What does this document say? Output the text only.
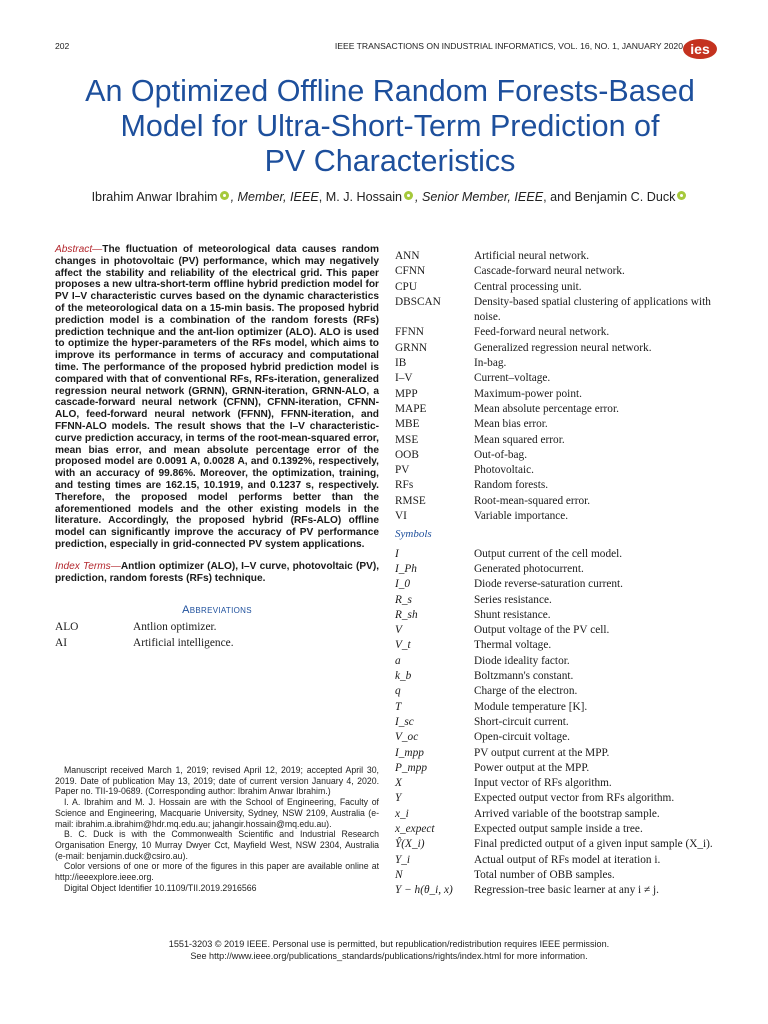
202	IEEE TRANSACTIONS ON INDUSTRIAL INFORMATICS, VOL. 16, NO. 1, JANUARY 2020 ies
An Optimized Offline Random Forests-Based
Model for Ultra-Short-Term Prediction of
PV Characteristics
Ibrahim Anwar Ibrahim , Member, IEEE, M. J. Hossain , Senior Member, IEEE, and Benjamin C. Duck

Abstract—The fluctuation of meteorological data causes random changes in photovoltaic (PV) performance, which may negatively affect the stability and reliability of the electrical grid. This paper proposes a new ultra-short-term offline hybrid prediction model for PV I–V characteristic curves based on the dynamic characteristics of the meteorological data on a 15-min basis. The proposed hybrid prediction model is a combination of the random forests (RFs) prediction technique and the ant-lion optimizer (ALO). ALO is used to optimize the hyper-parameters of the RFs model, which aims to improve its performance in terms of accuracy and computational time. The performance of the proposed hybrid prediction model is compared with that of conventional RFs, RFs-iteration, generalized regression neural network (GRNN), GRNN-iteration, GRNN-ALO, a cascade-forward neural network (CFNN), CFNN-iteration, CFNN-ALO, feed-forward neural network (FFNN), FFNN-iteration, and FFNN-ALO models. The result shows that the I–V characteristic-curve prediction accuracy, in terms of the root-mean-squared error, mean bias error, and mean absolute percentage error of the proposed model are 0.0091 A, 0.0028 A, and 0.1392%, respectively, with an accuracy of 99.86%. Moreover, the optimization, training, and testing times are 162.15, 10.1919, and 0.1237 s, respectively. Therefore, the proposed model performs better than the aforementioned models and the other existing models in the literature. Accordingly, the proposed hybrid (RFs-ALO) offline model can significantly improve the accuracy of PV performance prediction, especially in grid-connected PV system applications.

Index Terms—Antlion optimizer (ALO), I–V curve, photovoltaic (PV), prediction, random forests (RFs) technique.

Abbreviations
ALO	Antlion optimizer.
AI	Artificial intelligence.

Manuscript received March 1, 2019; revised April 12, 2019; accepted April 30, 2019. Date of publication May 13, 2019; date of current version January 4, 2020. Paper no. TII-19-0689. (Corresponding author: Ibrahim Anwar Ibrahim.)

I. A. Ibrahim and M. J. Hossain are with the School of Engineering, Faculty of Science and Engineering, Macquarie University, Sydney, NSW 2109, Australia (e-mail: ibrahim.a.ibrahim@hdr.mq.edu.au; jahangir.hossain@mq.edu.au).

B. C. Duck is with the Commonwealth Scientific and Industrial Research Organisation Energy, 10 Murray Dwyer Cct, Mayfield West, NSW 2304, Australia (e-mail: benjamin.duck@csiro.au).

Color versions of one or more of the figures in this paper are available online at http://ieeexplore.ieee.org.

Digital Object Identifier 10.1109/TII.2019.2916566

ANN	Artificial neural network.
CFNN	Cascade-forward neural network.
CPU	Central processing unit.
DBSCAN	Density-based spatial clustering of applications with noise.
FFNN	Feed-forward neural network.
GRNN	Generalized regression neural network.
IB	In-bag.
I–V	Current–voltage.
MPP	Maximum-power point.
MAPE	Mean absolute percentage error.
MBE	Mean bias error.
MSE	Mean squared error.
OOB	Out-of-bag.
PV	Photovoltaic.
RFs	Random forests.
RMSE	Root-mean-squared error.
VI	Variable importance.
Symbols
I	Output current of the cell model.
I_Ph	Generated photocurrent.
I_0	Diode reverse-saturation current.
R_s	Series resistance.
R_sh	Shunt resistance.
V	Output voltage of the PV cell.
V_t	Thermal voltage.
a	Diode ideality factor.
k_b	Boltzmann's constant.
q	Charge of the electron.
T	Module temperature [K].
I_sc	Short-circuit current.
V_oc	Open-circuit voltage.
I_mpp	PV output current at the MPP.
P_mpp	Power output at the MPP.
X	Input vector of RFs algorithm.
Y	Expected output vector from RFs algorithm.
x_i	Arrived variable of the bootstrap sample.
x_expect	Expected output sample inside a tree.
Ŷ(X_i)	Final predicted output of a given input sample (X_i).
Y_i	Actual output of RFs model at iteration i.
N	Total number of OBB samples.
Y − h(θ_i, x)	Regression-tree basic learner at any i ≠ j.
1551-3203 © 2019 IEEE. Personal use is permitted, but republication/redistribution requires IEEE permission.
See http://www.ieee.org/publications_standards/publications/rights/index.html for more information.
